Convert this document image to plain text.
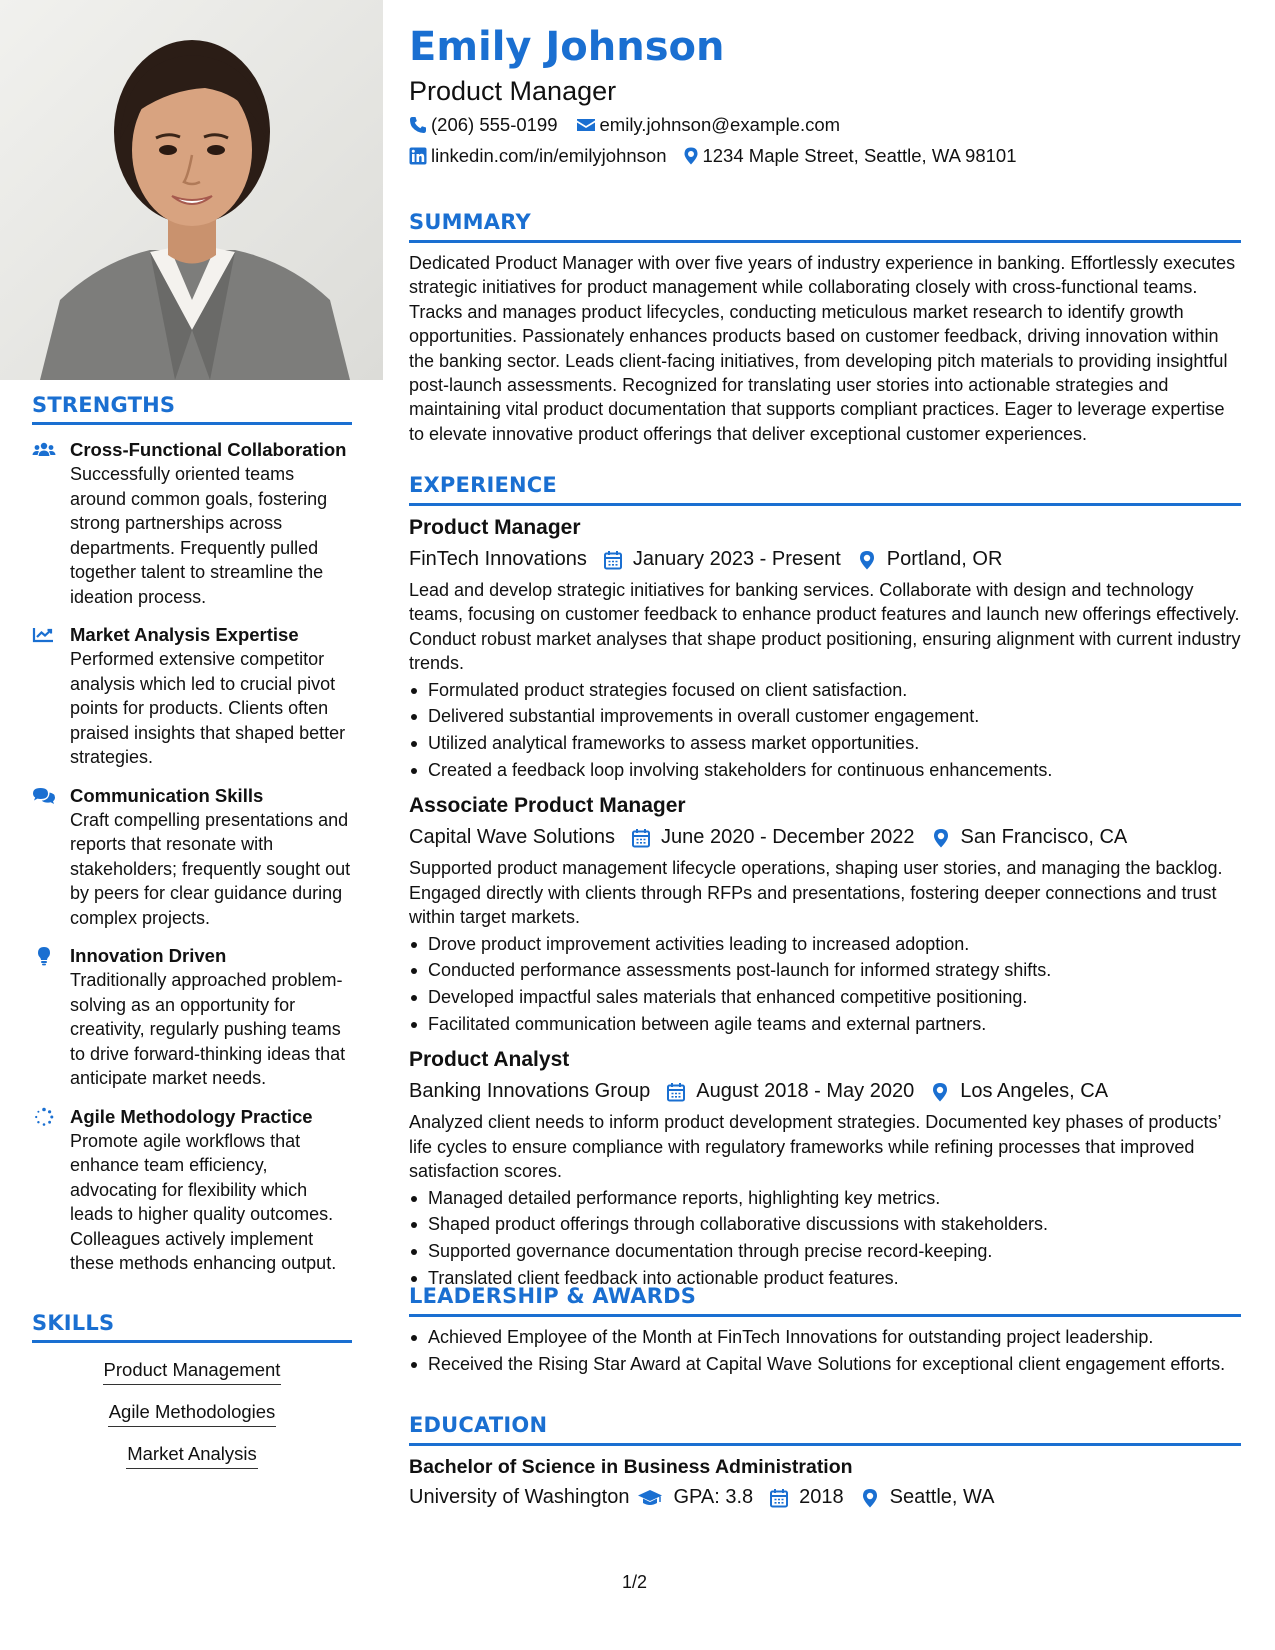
STRENGTHS
Cross-Functional Collaboration
Successfully oriented teams around common goals, fostering strong partnerships across departments. Frequently pulled together talent to streamline the ideation process.
Market Analysis Expertise
Performed extensive competitor analysis which led to crucial pivot points for products. Clients often praised insights that shaped better strategies.
Communication Skills
Craft compelling presentations and reports that resonate with stakeholders; frequently sought out by peers for clear guidance during complex projects.
Innovation Driven
Traditionally approached problem-solving as an opportunity for creativity, regularly pushing teams to drive forward-thinking ideas that anticipate market needs.
Agile Methodology Practice
Promote agile workflows that enhance team efficiency, advocating for flexibility which leads to higher quality outcomes. Colleagues actively implement these methods enhancing output.
SKILLS
Product Management
Agile Methodologies
Market Analysis
Emily Johnson
Product Manager
(206) 555-0199 emily.johnson@example.com
linkedin.com/in/emilyjohnson 1234 Maple Street, Seattle, WA 98101
SUMMARY
Dedicated Product Manager with over five years of industry experience in banking. Effortlessly executes strategic initiatives for product management while collaborating closely with cross-functional teams. Tracks and manages product lifecycles, conducting meticulous market research to identify growth opportunities. Passionately enhances products based on customer feedback, driving innovation within the banking sector. Leads client-facing initiatives, from developing pitch materials to providing insightful post-launch assessments. Recognized for translating user stories into actionable strategies and maintaining vital product documentation that supports compliant practices. Eager to leverage expertise to elevate innovative product offerings that deliver exceptional customer experiences.
EXPERIENCE
Product Manager
FinTech Innovations January 2023 - Present Portland, OR
Lead and develop strategic initiatives for banking services. Collaborate with design and technology teams, focusing on customer feedback to enhance product features and launch new offerings effectively. Conduct robust market analyses that shape product positioning, ensuring alignment with current industry trends.
Formulated product strategies focused on client satisfaction.
Delivered substantial improvements in overall customer engagement.
Utilized analytical frameworks to assess market opportunities.
Created a feedback loop involving stakeholders for continuous enhancements.
Associate Product Manager
Capital Wave Solutions June 2020 - December 2022 San Francisco, CA
Supported product management lifecycle operations, shaping user stories, and managing the backlog. Engaged directly with clients through RFPs and presentations, fostering deeper connections and trust within target markets.
Drove product improvement activities leading to increased adoption.
Conducted performance assessments post-launch for informed strategy shifts.
Developed impactful sales materials that enhanced competitive positioning.
Facilitated communication between agile teams and external partners.
Product Analyst
Banking Innovations Group August 2018 - May 2020 Los Angeles, CA
Analyzed client needs to inform product development strategies. Documented key phases of products’ life cycles to ensure compliance with regulatory frameworks while refining processes that improved satisfaction scores.
Managed detailed performance reports, highlighting key metrics.
Shaped product offerings through collaborative discussions with stakeholders.
Supported governance documentation through precise record-keeping.
Translated client feedback into actionable product features.
LEADERSHIP & AWARDS
Achieved Employee of the Month at FinTech Innovations for outstanding project leadership.
Received the Rising Star Award at Capital Wave Solutions for exceptional client engagement efforts.
EDUCATION
Bachelor of Science in Business Administration
University of Washington GPA: 3.8 2018 Seattle, WA
1/2
